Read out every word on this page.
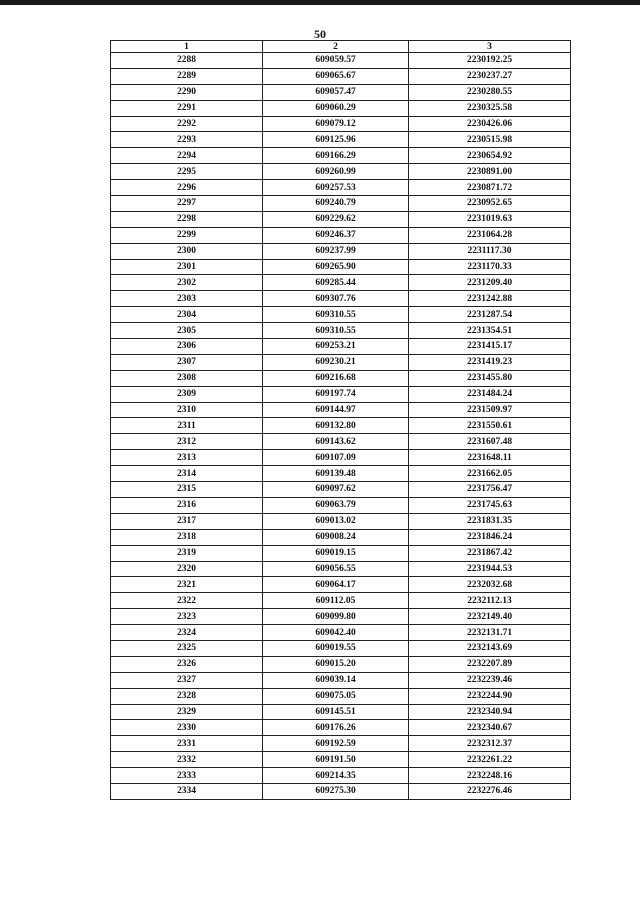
50
1	2	3
2288	609059.57	2230192.25
2289	609065.67	2230237.27
2290	609057.47	2230280.55
2291	609060.29	2230325.58
2292	609079.12	2230426.06
2293	609125.96	2230515.98
2294	609166.29	2230654.92
2295	609260.99	2230891.00
2296	609257.53	2230871.72
2297	609240.79	2230952.65
2298	609229.62	2231019.63
2299	609246.37	2231064.28
2300	609237.99	2231117.30
2301	609265.90	2231170.33
2302	609285.44	2231209.40
2303	609307.76	2231242.88
2304	609310.55	2231287.54
2305	609310.55	2231354.51
2306	609253.21	2231415.17
2307	609230.21	2231419.23
2308	609216.68	2231455.80
2309	609197.74	2231484.24
2310	609144.97	2231509.97
2311	609132.80	2231550.61
2312	609143.62	2231607.48
2313	609107.09	2231648.11
2314	609139.48	2231662.05
2315	609097.62	2231756.47
2316	609063.79	2231745.63
2317	609013.02	2231831.35
2318	609008.24	2231846.24
2319	609019.15	2231867.42
2320	609056.55	2231944.53
2321	609064.17	2232032.68
2322	609112.05	2232112.13
2323	609099.80	2232149.40
2324	609042.40	2232131.71
2325	609019.55	2232143.69
2326	609015.20	2232207.89
2327	609039.14	2232239.46
2328	609075.05	2232244.90
2329	609145.51	2232340.94
2330	609176.26	2232340.67
2331	609192.59	2232312.37
2332	609191.50	2232261.22
2333	609214.35	2232248.16
2334	609275.30	2232276.46
